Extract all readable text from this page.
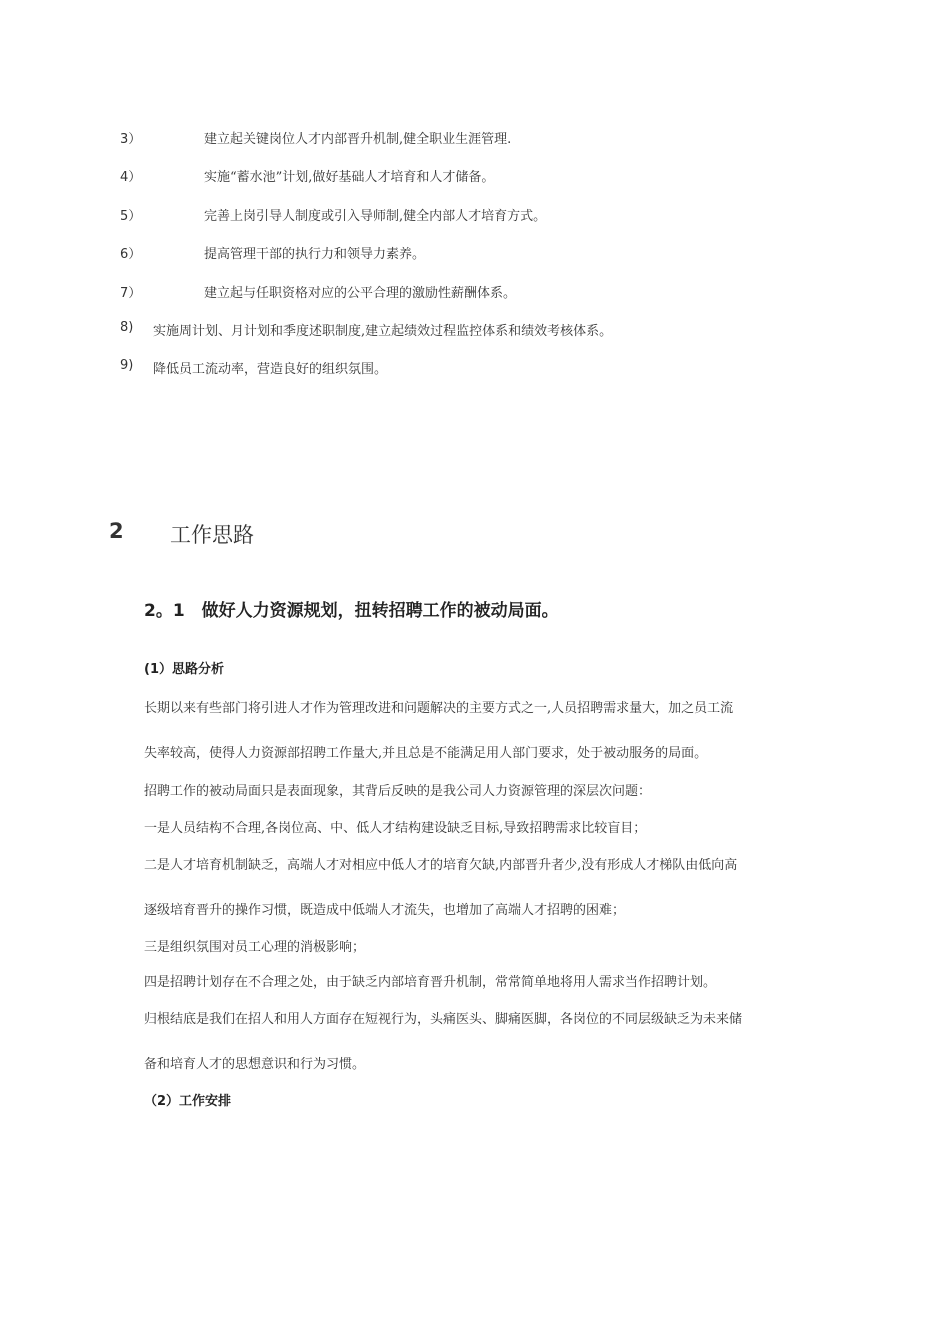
3）	建立起关键岗位人才内部晋升机制,健全职业生涯管理.
4）	实施“蓄水池”计划,做好基础人才培育和人才储备。
5）	完善上岗引导人制度或引入导师制,健全内部人才培育方式。
6）	提高管理干部的执行力和领导力素养。
7）	建立起与任职资格对应的公平合理的激励性薪酬体系。
8) 实施周计划、月计划和季度述职制度,建立起绩效过程监控体系和绩效考核体系。
9) 降低员工流动率，营造良好的组织氛围。
2 工作思路
2。1　做好人力资源规划，扭转招聘工作的被动局面。
(1）思路分析
长期以来有些部门将引进人才作为管理改进和问题解决的主要方式之一,人员招聘需求量大，加之员工流
失率较高，使得人力资源部招聘工作量大,并且总是不能满足用人部门要求，处于被动服务的局面。
招聘工作的被动局面只是表面现象，其背后反映的是我公司人力资源管理的深层次问题：
一是人员结构不合理,各岗位高、中、低人才结构建设缺乏目标,导致招聘需求比较盲目；
二是人才培育机制缺乏，高端人才对相应中低人才的培育欠缺,内部晋升者少,没有形成人才梯队由低向高
逐级培育晋升的操作习惯，既造成中低端人才流失，也增加了高端人才招聘的困难；
三是组织氛围对员工心理的消极影响；
四是招聘计划存在不合理之处，由于缺乏内部培育晋升机制，常常简单地将用人需求当作招聘计划。
归根结底是我们在招人和用人方面存在短视行为，头痛医头、脚痛医脚，各岗位的不同层级缺乏为未来储
备和培育人才的思想意识和行为习惯。
（2）工作安排
